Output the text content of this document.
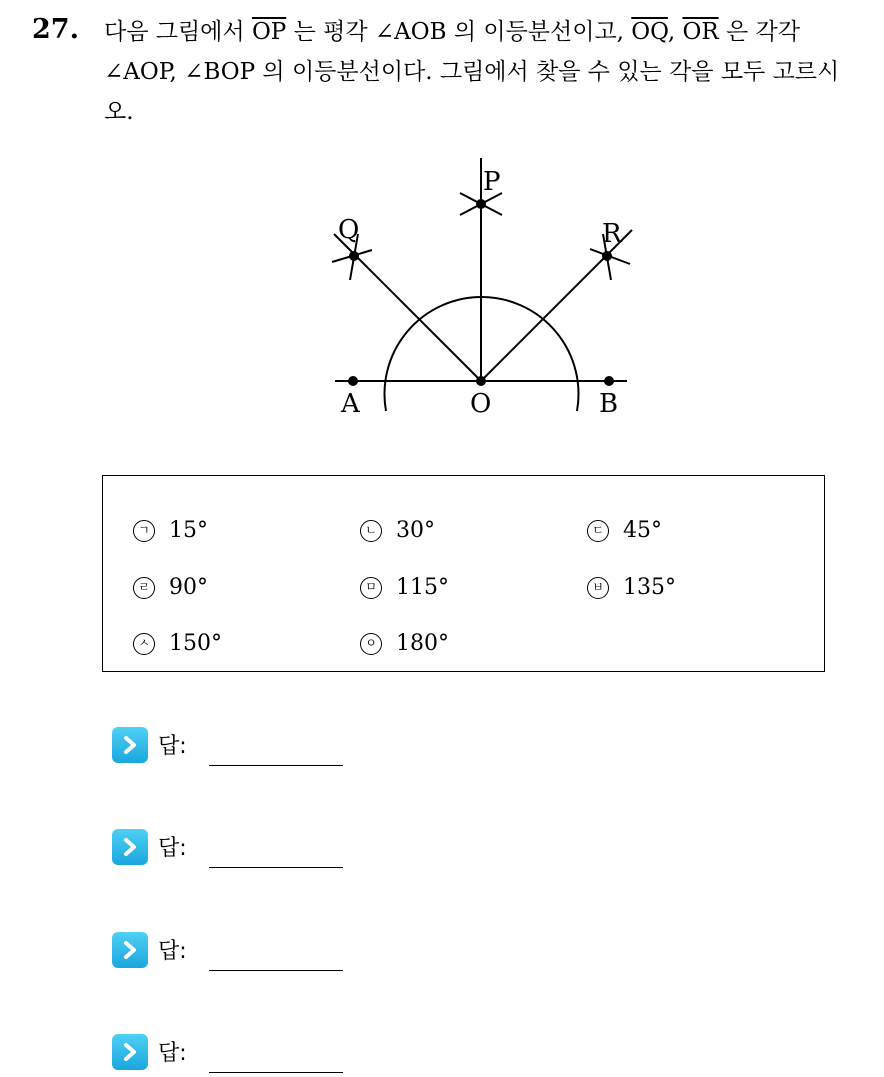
27. 다음 그림에서 $\overline{OP}$ 는 평각 ∠AOB 의 이등분선이고, $\overline{OQ}$, $\overline{OR}$ 은 각각 ∠AOP, ∠BOP 의 이등분선이다. 그림에서 찾을 수 있는 각을 모두 고르시오.
A	O	B
P
Q	R
ㄱ 15°	ㄴ 30°	ㄷ 45°
ㄹ 90°	ㅁ 115°	ㅂ 135°
ㅅ 150°	ㅇ 180°
답:
답:
답:
답:
